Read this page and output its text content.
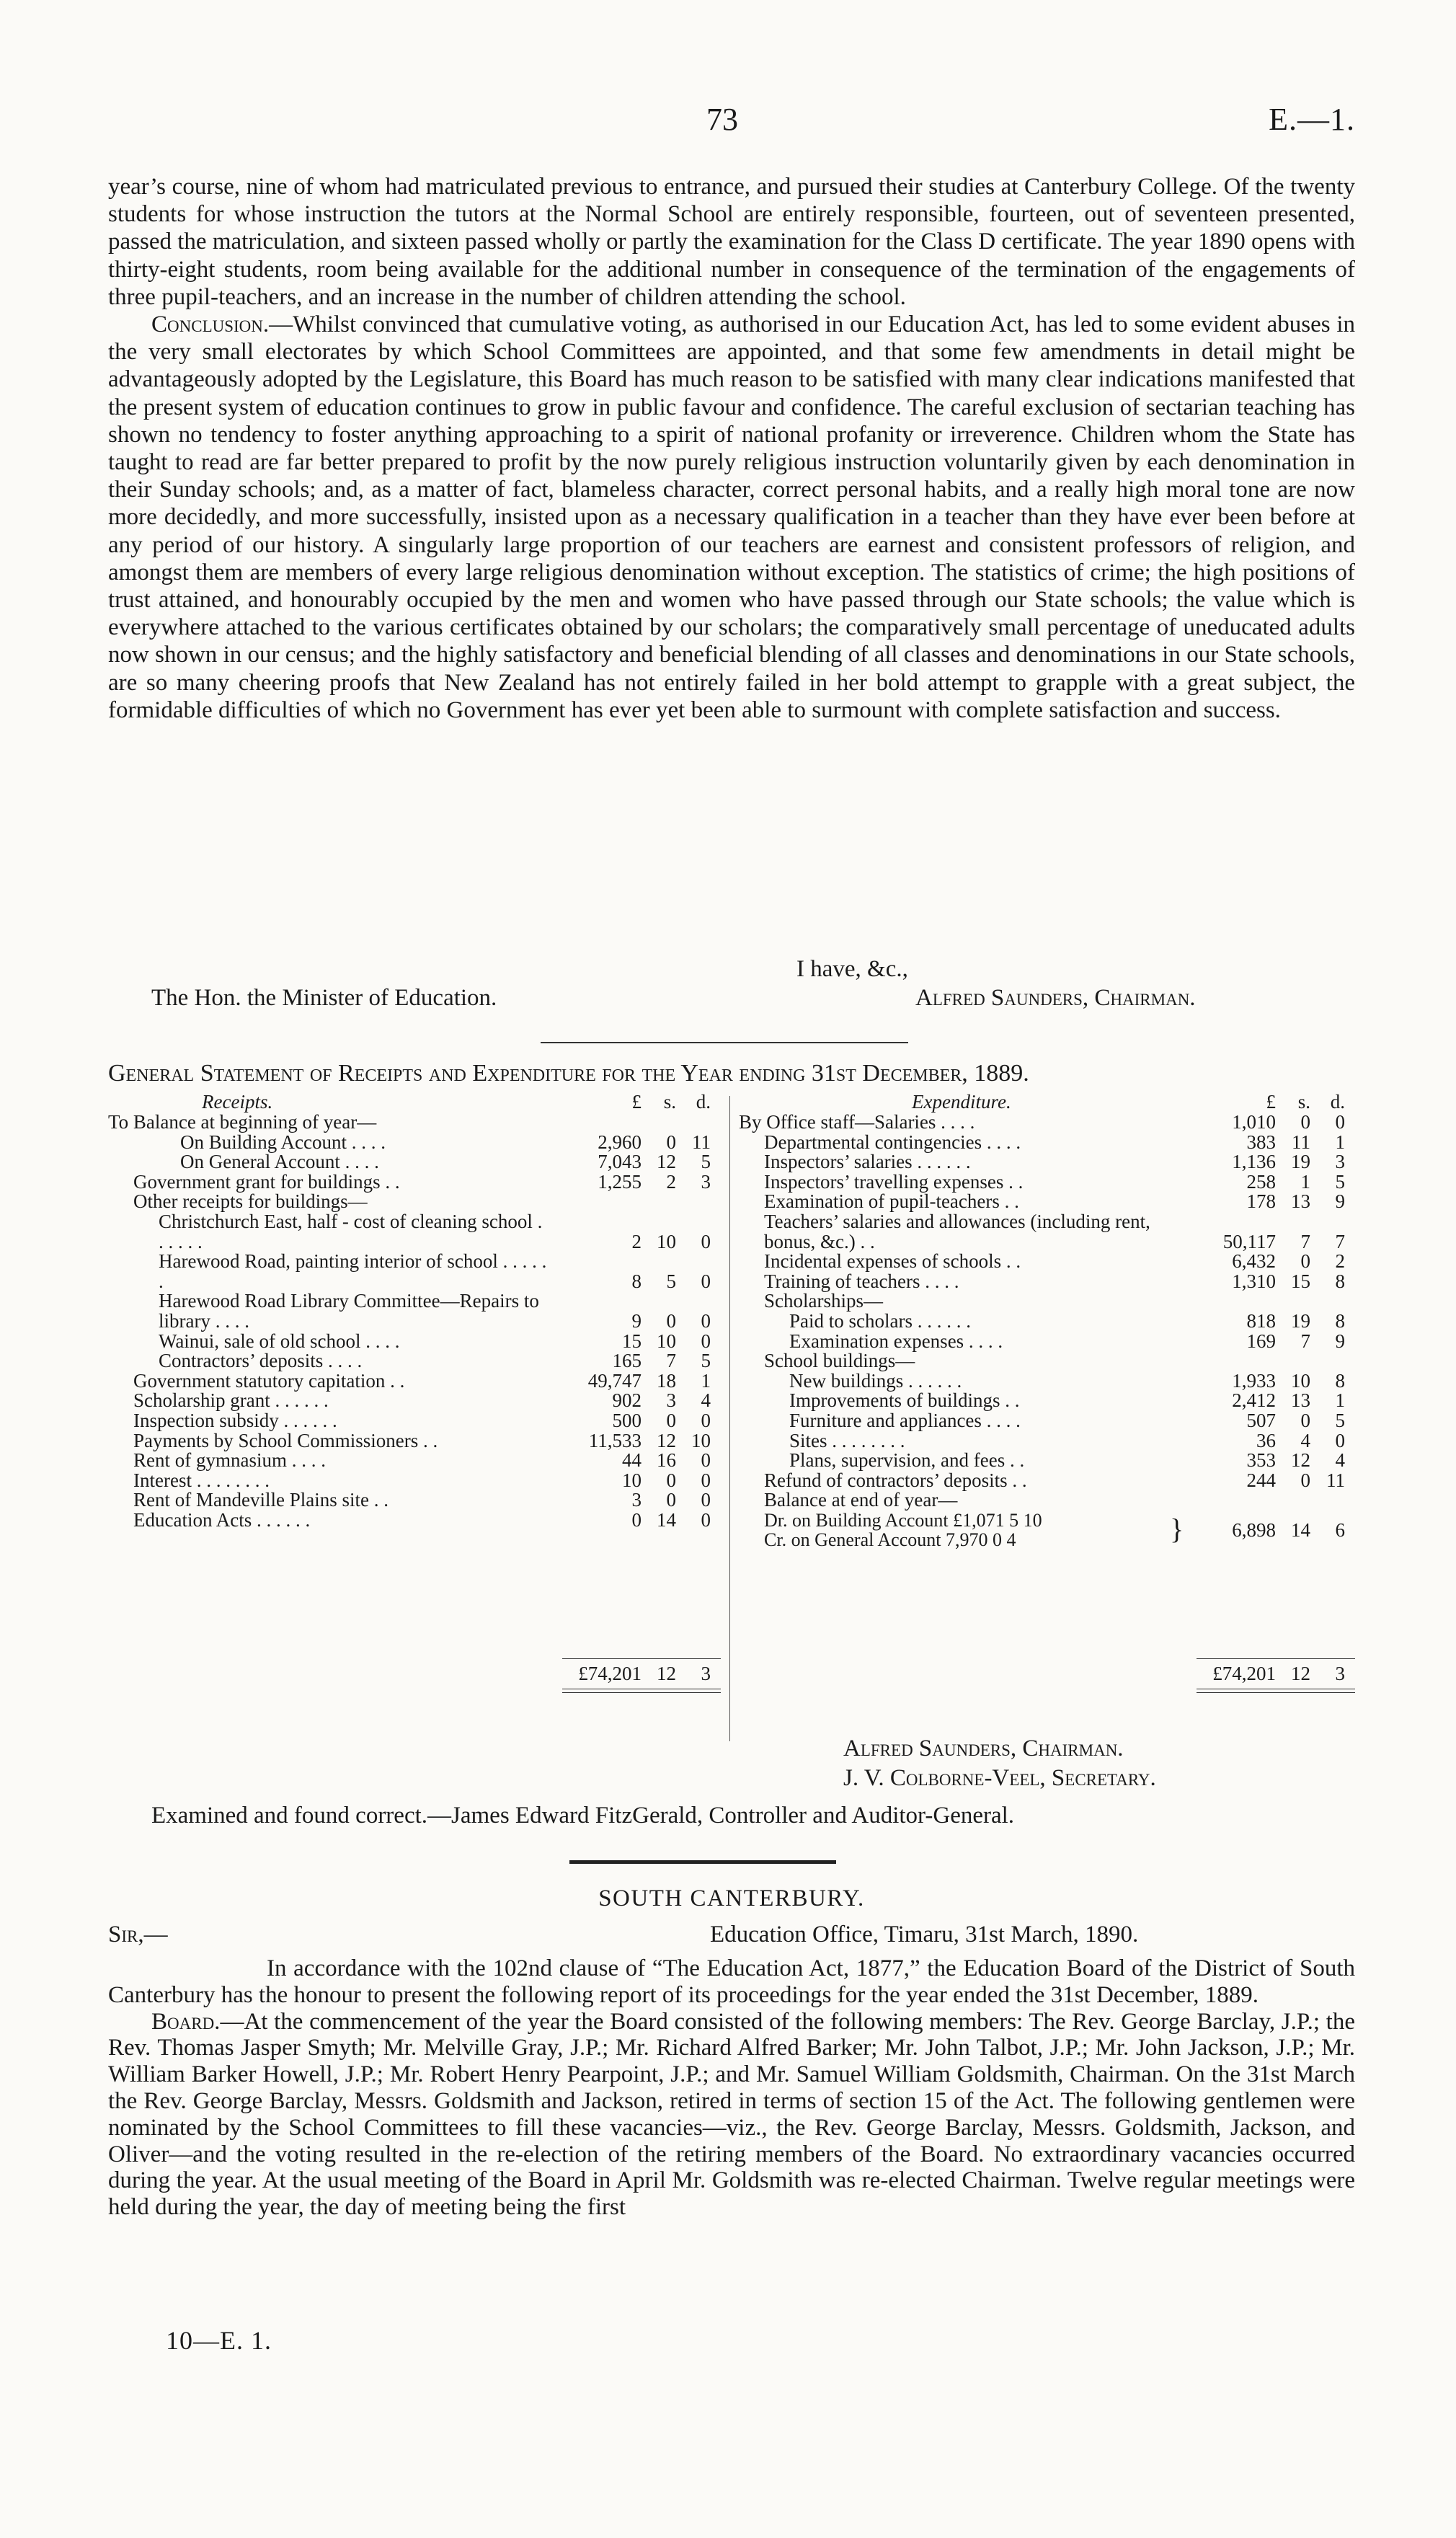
73	E.—1.

year’s course, nine of whom had matriculated previous to entrance, and pursued their studies at Canterbury College. Of the twenty students for whose instruction the tutors at the Normal School are entirely responsible, fourteen, out of seventeen presented, passed the matriculation, and sixteen passed wholly or partly the examination for the Class D certificate. The year 1890 opens with thirty-eight students, room being available for the additional number in consequence of the termination of the engagements of three pupil-teachers, and an increase in the number of children attending the school.

Conclusion.—Whilst convinced that cumulative voting, as authorised in our Education Act, has led to some evident abuses in the very small electorates by which School Committees are appointed, and that some few amendments in detail might be advantageously adopted by the Legislature, this Board has much reason to be satisfied with many clear indications manifested that the present system of education continues to grow in public favour and confidence. The careful exclusion of sectarian teaching has shown no tendency to foster anything approaching to a spirit of national profanity or irreverence. Children whom the State has taught to read are far better prepared to profit by the now purely religious instruction voluntarily given by each denomination in their Sunday schools; and, as a matter of fact, blameless character, correct personal habits, and a really high moral tone are now more decidedly, and more successfully, insisted upon as a necessary qualification in a teacher than they have ever been before at any period of our history. A singularly large proportion of our teachers are earnest and consistent professors of religion, and amongst them are members of every large religious denomination without exception. The statistics of crime; the high positions of trust attained, and honourably occupied by the men and women who have passed through our State schools; the value which is everywhere attached to the various certificates obtained by our scholars; the comparatively small percentage of uneducated adults now shown in our census; and the highly satisfactory and beneficial blending of all classes and denominations in our State schools, are so many cheering proofs that New Zealand has not entirely failed in her bold attempt to grapple with a great subject, the formidable difficulties of which no Government has ever yet been able to surmount with complete satisfaction and success.

I have, &c.,
The Hon. the Minister of Education.	Alfred Saunders, Chairman.
General Statement of Receipts and Expenditure for the Year ending 31st December, 1889.
Receipts.	£	s.	d.
To Balance at beginning of year—
On Building Account . . . .	2,960	0 11
On General Account . . . .	7,043 12	5
Government grant for buildings . .	1,255	2	3
Other receipts for buildings—
Christchurch East, half - cost of cleaning school . . . . . .	2 10	0
Harewood Road, painting interior of school . . . . . .	8	5	0
Harewood Road Library Committee—Repairs to library . . . .	9	0	0
Wainui, sale of old school . . . .	15 10	0
Contractors’ deposits . . . .	165	7	5
Government statutory capitation . .	49,747 18	1
Scholarship grant . . . . . .	902	3	4
Inspection subsidy . . . . . .	500	0	0
Payments by School Commissioners . .	11,533 12 10
Rent of gymnasium . . . .	44 16	0
Interest . . . . . . . .	10	0	0
Rent of Mandeville Plains site . .	3	0	0
Education Acts . . . . . .	0 14	0
£74,201 12	3
Expenditure.	£	s.	d.
By Office staff—Salaries . . . .	1,010	0	0
Departmental contingencies . . . .	383 11	1
Inspectors’ salaries . . . . . .	1,136 19	3
Inspectors’ travelling expenses . .	258	1	5
Examination of pupil-teachers . .	178 13	9
Teachers’ salaries and allowances (including rent, bonus, &c.) . .	50,117	7	7
Incidental expenses of schools . .	6,432	0	2
Training of teachers . . . .	1,310 15	8
Scholarships—
Paid to scholars . . . . . .	818 19	8
Examination expenses . . . .	169	7	9
School buildings—
New buildings . . . . . .	1,933 10	8
Improvements of buildings . .	2,412 13	1
Furniture and appliances . . . .	507	0	5
Sites . . . . . . . .	36	4	0
Plans, supervision, and fees . .	353 12	4
Refund of contractors’ deposits . .	244	0 11
Balance at end of year—
Dr. on Building Account £1,071 5 10
Cr. on General Account 7,970 0 4	}	6,898 14	6
£74,201 12	3
Alfred Saunders, Chairman.
J. V. Colborne-Veel, Secretary.
Examined and found correct.—James Edward FitzGerald, Controller and Auditor-General.
SOUTH CANTERBURY.
Sir,—	Education Office, Timaru, 31st March, 1890.

In accordance with the 102nd clause of “The Education Act, 1877,” the Education Board of the District of South Canterbury has the honour to present the following report of its proceedings for the year ended the 31st December, 1889.

Board.—At the commencement of the year the Board consisted of the following members: The Rev. George Barclay, J.P.; the Rev. Thomas Jasper Smyth; Mr. Melville Gray, J.P.; Mr. Richard Alfred Barker; Mr. John Talbot, J.P.; Mr. John Jackson, J.P.; Mr. William Barker Howell, J.P.; Mr. Robert Henry Pearpoint, J.P.; and Mr. Samuel William Goldsmith, Chairman. On the 31st March the Rev. George Barclay, Messrs. Goldsmith and Jackson, retired in terms of section 15 of the Act. The following gentlemen were nominated by the School Committees to fill these vacancies—viz., the Rev. George Barclay, Messrs. Goldsmith, Jackson, and Oliver—and the voting resulted in the re-election of the retiring members of the Board. No extraordinary vacancies occurred during the year. At the usual meeting of the Board in April Mr. Goldsmith was re-elected Chairman. Twelve regular meetings were held during the year, the day of meeting being the first

10—E. 1.
